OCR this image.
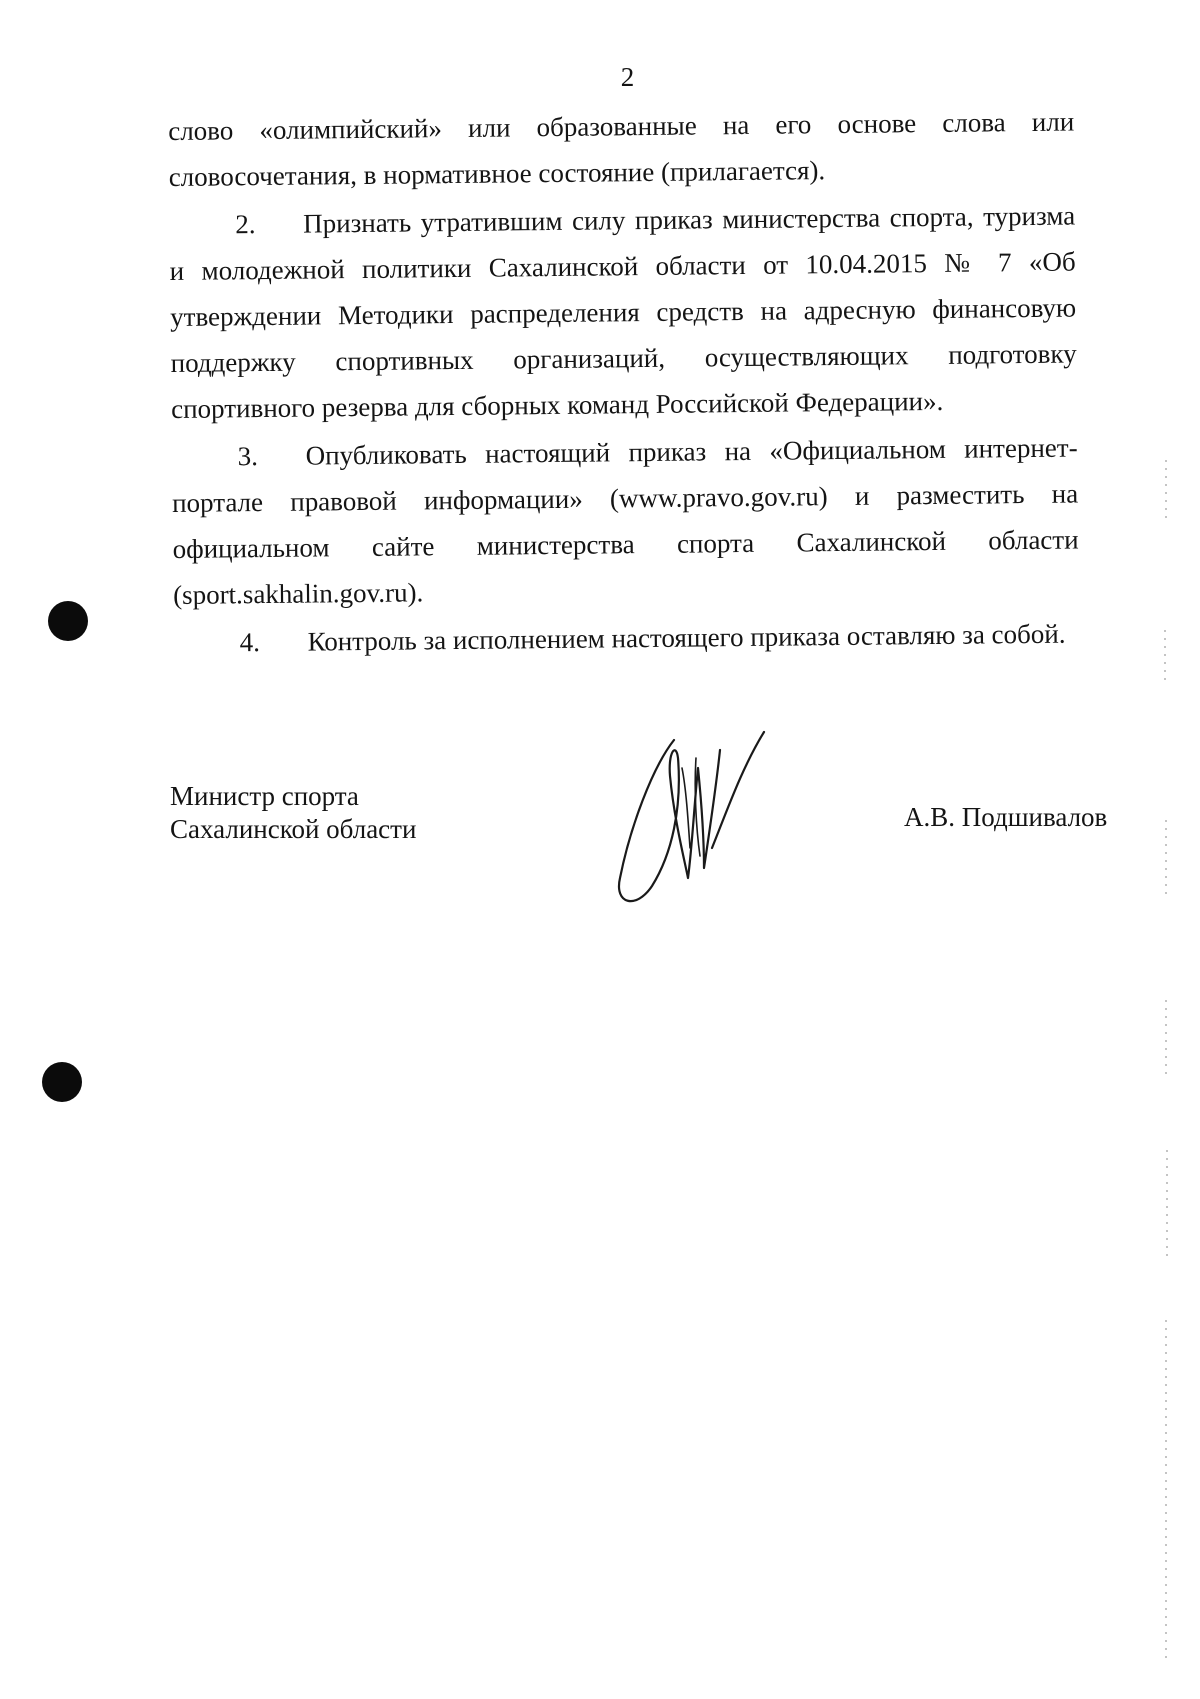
2

слово «олимпийский» или образованные на его основе слова или словосочетания, в нормативное состояние (прилагается).

2. Признать утратившим силу приказ министерства спорта, туризма и молодежной политики Сахалинской области от 10.04.2015 № 7 «Об утверждении Методики распределения средств на адресную финансовую поддержку спортивных организаций, осуществляющих подготовку спортивного резерва для сборных команд Российской Федерации».

3. Опубликовать настоящий приказ на «Официальном интернет-портале правовой информации» (www.pravo.gov.ru) и разместить на официальном сайте министерства спорта Сахалинской области (sport.sakhalin.gov.ru).

4. Контроль за исполнением настоящего приказа оставляю за собой.

Министр спорта
Сахалинской области	А.В. Подшивалов
